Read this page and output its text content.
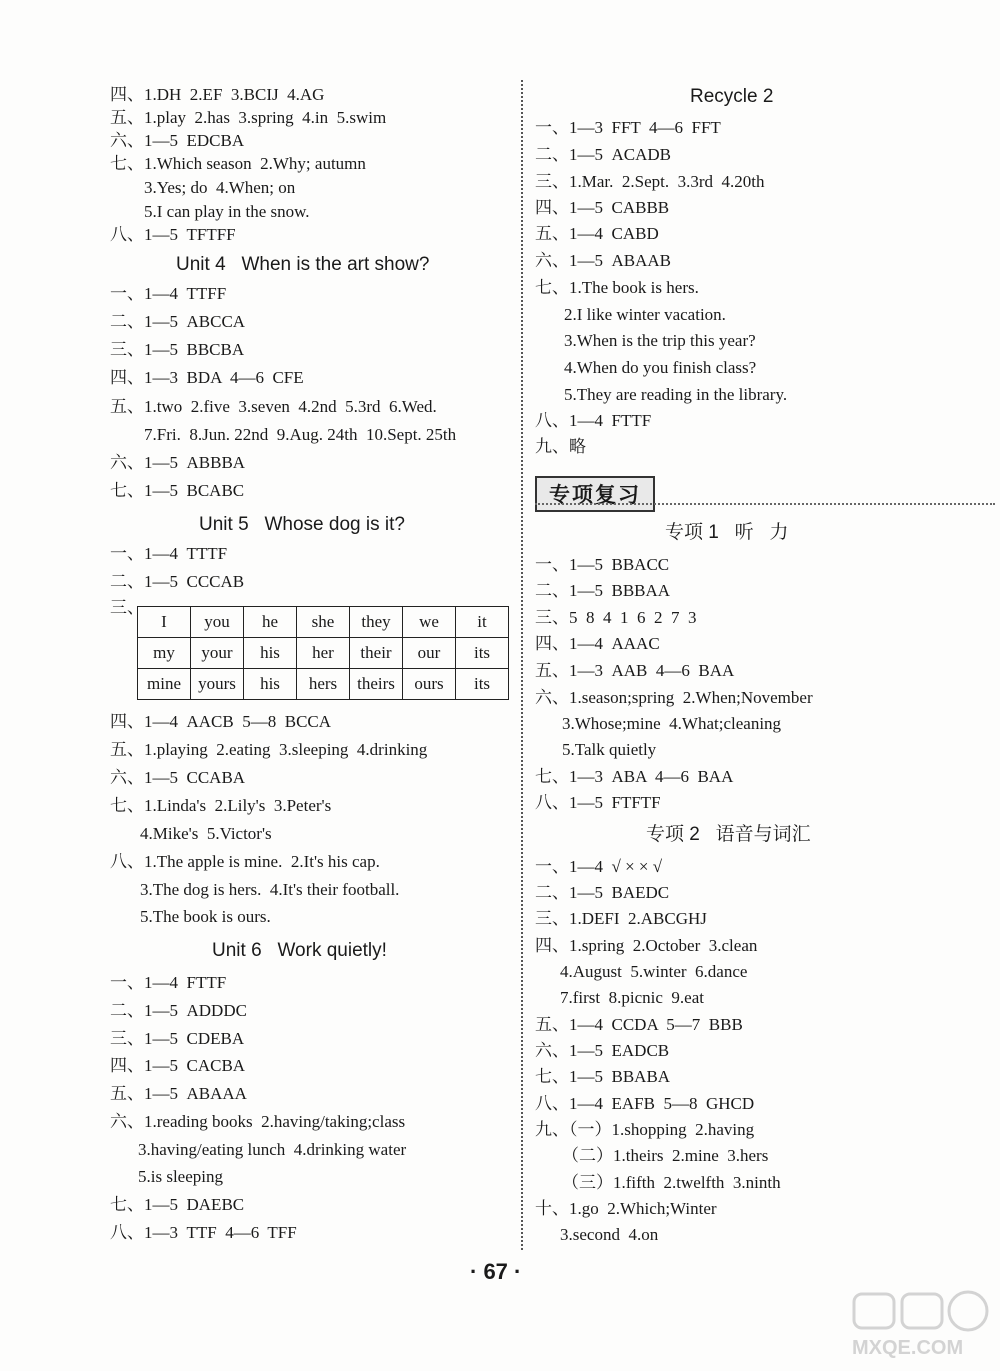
四、1.DH  2.EF  3.BCIJ  4.AG
五、1.play  2.has  3.spring  4.in  5.swim
六、1—5  EDCBA
七、1.Which season  2.Why; autumn
3.Yes; do  4.When; on
5.I can play in the snow.
八、1—5  TFTFF
Unit 4   When is the art show?
一、1—4  TTFF
二、1—5  ABCCA
三、1—5  BBCBA
四、1—3  BDA  4—6  CFE
五、1.two  2.five  3.seven  4.2nd  5.3rd  6.Wed.
7.Fri.  8.Jun. 22nd  9.Aug. 24th  10.Sept. 25th
六、1—5  ABBBA
七、1—5  BCABC
Unit 5   Whose dog is it?
一、1—4  TTTF
二、1—5  CCCAB
三、
I	you	he	she	they	we	it
my	your	his	her	their	our	its
mine	yours	his	hers	theirs	ours	its
四、1—4  AACB  5—8  BCCA
五、1.playing  2.eating  3.sleeping  4.drinking
六、1—5  CCABA
七、1.Linda's  2.Lily's  3.Peter's
4.Mike's  5.Victor's
八、1.The apple is mine.  2.It's his cap.
3.The dog is hers.  4.It's their football.
5.The book is ours.
Unit 6   Work quietly!
一、1—4  FTTF
二、1—5  ADDDC
三、1—5  CDEBA
四、1—5  CACBA
五、1—5  ABAAA
六、1.reading books  2.having/taking;class
3.having/eating lunch  4.drinking water
5.is sleeping
七、1—5  DAEBC
八、1—3  TTF  4—6  TFF
Recycle 2
一、1—3  FFT  4—6  FFT
二、1—5  ACADB
三、1.Mar.  2.Sept.  3.3rd  4.20th
四、1—5  CABBB
五、1—4  CABD
六、1—5  ABAAB
七、1.The book is hers.
2.I like winter vacation.
3.When is the trip this year?
4.When do you finish class?
5.They are reading in the library.
八、1—4  FTTF
九、略
专项复习
专项 1   听   力
一、1—5  BBACC
二、1—5  BBBAA
三、5  8  4  1  6  2  7  3
四、1—4  AAAC
五、1—3  AAB  4—6  BAA
六、1.season;spring  2.When;November
3.Whose;mine  4.What;cleaning
5.Talk quietly
七、1—3  ABA  4—6  BAA
八、1—5  FTFTF
专项 2   语音与词汇
一、1—4  √ × × √
二、1—5  BAEDC
三、1.DEFI  2.ABCGHJ
四、1.spring  2.October  3.clean
4.August  5.winter  6.dance
7.first  8.picnic  9.eat
五、1—4  CCDA  5—7  BBB
六、1—5  EADCB
七、1—5  BBABA
八、1—4  EAFB  5—8  GHCD
九、（一）1.shopping  2.having
（二）1.theirs  2.mine  3.hers
（三）1.fifth  2.twelfth  3.ninth
十、1.go  2.Which;Winter
3.second  4.on
· 67 ·
MXQE.COM
